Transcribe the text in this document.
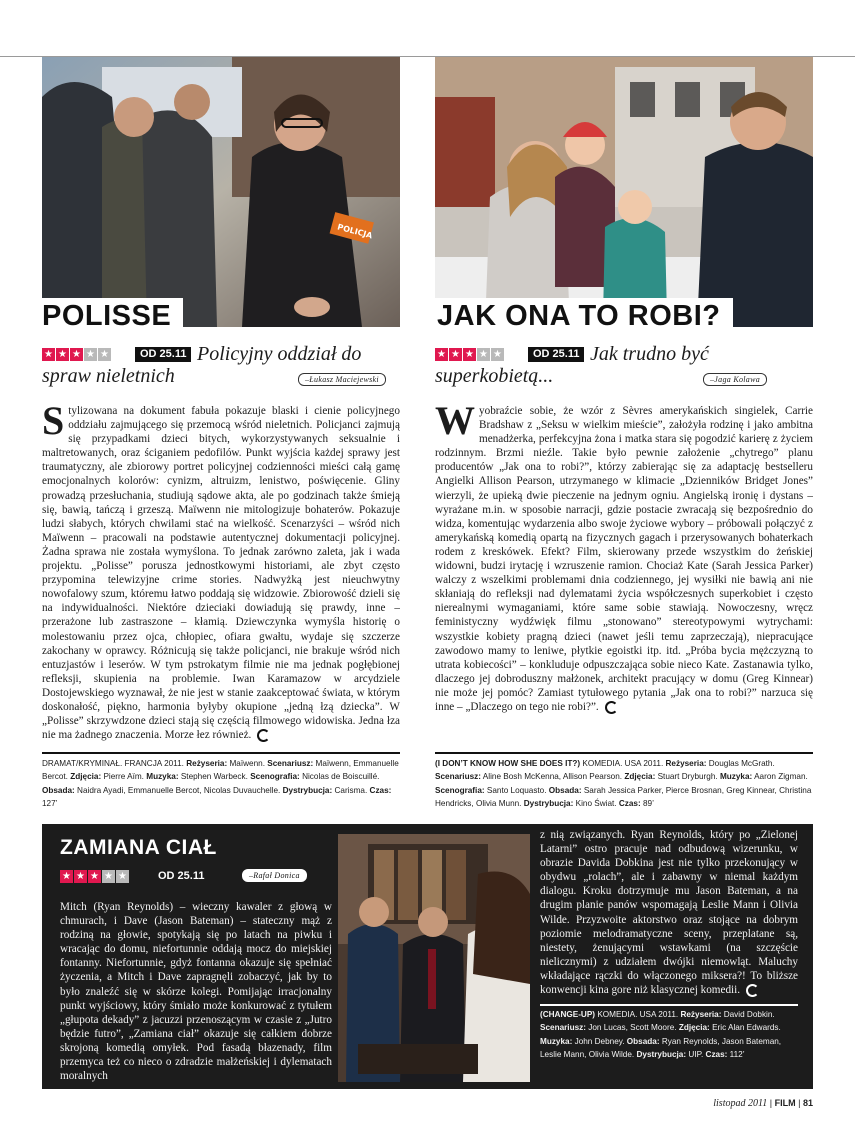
POLICJA
POLISSE	JAK ONA TO ROBI?
★ ★ ★ ★ ★	OD 25.11 Policyjny oddział do spraw nieletnich	–Łukasz Maciejewski
★ ★ ★ ★ ★	OD 25.11 Jak trudno być superkobietą...	–Jaga Kolawa
Stylizowana na dokument fabuła pokazuje blaski i cienie policyjnego oddziału zajmującego się przemocą wśród nieletnich. Policjanci zajmują się przypadkami dzieci bitych, wykorzystywanych seksualnie i maltretowanych, oraz ściganiem pedofilów. Punkt wyjścia każdej sprawy jest traumatyczny, ale zbiorowy portret policyjnej codzienności mieści całą gamę emocjonalnych kolorów: cynizm, altruizm, lenistwo, poświęcenie. Gliny prowadzą przesłuchania, studiują sądowe akta, ale po godzinach także śmieją się, bawią, tańczą i grzeszą. Maïwenn nie mitologizuje bohaterów. Pokazuje ludzi słabych, których chwilami stać na wielkość. Scenarzyści – wśród nich Maïwenn – pracowali na podstawie autentycznej dokumentacji policyjnej. Żadna sprawa nie została wymyślona. To jednak zarówno zaleta, jak i wada projektu. „Polisse” porusza jednostkowymi historiami, ale zbyt często przypomina telewizyjne crime stories. Nadwyżką jest nieuchwytny nowofalowy szum, któremu łatwo poddają się widzowie. Zbiorowość dzieli się na indywidualności. Niektóre dzieciaki dowiadują się prawdy, inne – przerażone lub zastraszone – kłamią. Dziewczynka wymyśla historię o molestowaniu przez ojca, chłopiec, ofiara gwałtu, wydaje się szczerze zakochany w oprawcy. Różnicują się także policjanci, nie brakuje wśród nich entuzjastów i leserów. W tym pstrokatym filmie nie ma jednak pogłębionej refleksji, skupienia na problemie. Iwan Karamazow w arcydziele Dostojewskiego wyznawał, że nie jest w stanie zaakceptować świata, w którym doskonałość, piękno, harmonia byłyby okupione „jedną łzą dziecka”. W „Polisse” skrzywdzone dzieci stają się częścią filmowego widowiska. Jedna łza nie ma żadnego znaczenia. Morze łez również.
DRAMAT/KRYMINAŁ. FRANCJA 2011. Reżyseria: Maïwenn. Scenariusz: Maïwenn, Emmanuelle Bercot. Zdjęcia: Pierre Aïm. Muzyka: Stephen Warbeck. Scenografia: Nicolas de Boiscuillé. Obsada: Naidra Ayadi, Emmanuelle Bercot, Nicolas Duvauchelle. Dystrybucja: Carisma. Czas: 127’
Wyobraźcie sobie, że wzór z Sèvres amerykańskich singielek, Carrie Bradshaw z „Seksu w wielkim mieście”, założyła rodzinę i jako ambitna menadżerka, perfekcyjna żona i matka stara się pogodzić karierę z życiem rodzinnym. Brzmi nieźle. Takie było pewnie założenie „chytrego” planu producentów „Jak ona to robi?”, którzy zabierając się za adaptację bestselleru Angielki Allison Pearson, utrzymanego w klimacie „Dzienników Bridget Jones” wierzyli, że upieką dwie pieczenie na jednym ogniu. Angielską ironię i dystans – wyrażane m.in. w sposobie narracji, gdzie postacie zwracają się bezpośrednio do widza, komentując wydarzenia albo swoje życiowe wybory – próbowali połączyć z amerykańską komedią opartą na fizycznych gagach i przerysowanych bohaterkach rodem z kreskówek. Efekt? Film, skierowany przede wszystkim do żeńskiej widowni, budzi irytację i wzruszenie ramion. Chociaż Kate (Sarah Jessica Parker) walczy z wszelkimi problemami dnia codziennego, jej wysiłki nie bawią ani nie skłaniają do refleksji nad dylematami życia współczesnych superkobiet i często nierealnymi wymaganiami, które same sobie stawiają. Nowoczesny, wręcz feministyczny wydźwięk filmu „stonowano” stereotypowymi wytrychami: wszystkie kobiety pragną dzieci (nawet jeśli temu zaprzeczają), niepracujące zawodowo mamy to leniwe, płytkie egoistki itp. itd. „Próba bycia mężczyzną to utrata kobiecości” – konkluduje odpuszczająca sobie nieco Kate. Zastanawia tylko, dlaczego jej dobroduszny małżonek, architekt pracujący w domu (Greg Kinnear) nie może jej pomóc? Zamiast tytułowego pytania „Jak ona to robi?” narzuca się inne – „Dlaczego on tego nie robi?”.
(I DON’T KNOW HOW SHE DOES IT?) KOMEDIA. USA 2011. Reżyseria: Douglas McGrath. Scenariusz: Aline Bosh McKenna, Allison Pearson. Zdjęcia: Stuart Dryburgh. Muzyka: Aaron Zigman. Scenografia: Santo Loquasto. Obsada: Sarah Jessica Parker, Pierce Brosnan, Greg Kinnear, Christina Hendricks, Olivia Munn. Dystrybucja: Kino Świat. Czas: 89’
ZAMIANA CIAŁ
★ ★ ★ ★ ★	OD 25.11	–Rafał Donica
Mitch (Ryan Reynolds) – wieczny kawaler z głową w chmurach, i Dave (Jason Bateman) – stateczny mąż z rodziną na głowie, spotykają się po latach na piwku i wracając do domu, niefortunnie oddają mocz do miejskiej fontanny. Niefortunnie, gdyż fontanna okazuje się spełniać życzenia, a Mitch i Dave zapragnęli zobaczyć, jak by to było znaleźć się w skórze kolegi. Pomijając irracjonalny punkt wyjściowy, który śmiało może konkurować z tytułem „głupota dekady” z jacuzzi przenoszącym w czasie z „Jutro będzie futro”, „Zamiana ciał” okazuje się całkiem dobrze skrojoną komedią omyłek. Pod fasadą błazenady, film przemyca też co nieco o zdradzie małżeńskiej i dylematach moralnych
z nią związanych. Ryan Reynolds, który po „Zielonej Latarni” ostro pracuje nad odbudową wizerunku, w obrazie Davida Dobkina jest nie tylko przekonujący w obydwu „rolach”, ale i zabawny w niemal każdym dialogu. Kroku dotrzymuje mu Jason Bateman, a na drugim planie panów wspomagają Leslie Mann i Olivia Wilde. Przyzwoite aktorstwo oraz stojące na dobrym poziomie melodramatyczne sceny, przeplatane są, niestety, żenującymi wstawkami (na szczęście nielicznymi) z udziałem dwójki niemowląt. Maluchy wkładające rączki do włączonego miksera?! To bliższe konwencji kina gore niż klasycznej komedii.
(CHANGE-UP) KOMEDIA. USA 2011. Reżyseria: David Dobkin. Scenariusz: Jon Lucas, Scott Moore. Zdjęcia: Eric Alan Edwards. Muzyka: John Debney. Obsada: Ryan Reynolds, Jason Bateman, Leslie Mann, Olivia Wilde. Dystrybucja: UIP. Czas: 112’
listopad 2011 | FILM | 81
